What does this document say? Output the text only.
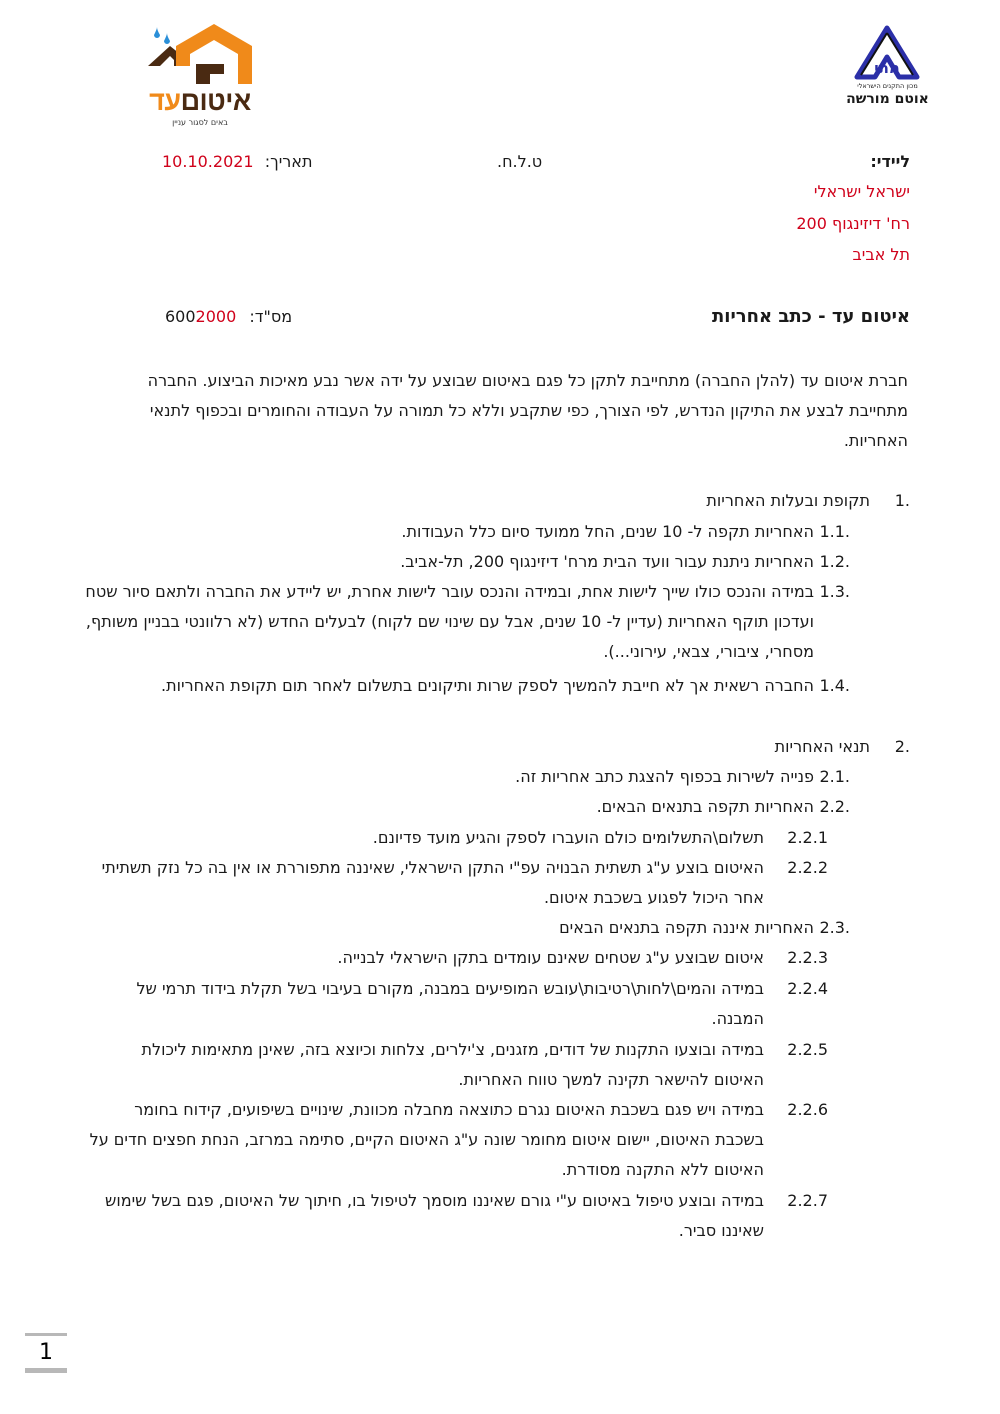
איטוםעד
באים לסגור עניין
מתי
מכון התקנים הישראלי
אוטם מורשה
ליידי:
ט.ל.ח.
10.10.2021 תאריך:
ישראל ישראלי
רח' דיזינגוף 200
תל אביב
איטום עד - כתב אחריות
6002000 מס"ד:
חברת איטום עד (להלן החברה) מתחייבת לתקן כל פגם באיטום שבוצע על ידה אשר נבע מאיכות הביצוע. החברה מתחייבת לבצע את התיקון הנדרש, לפי הצורך, כפי שתקבע וללא כל תמורה על העבודה והחומרים ובכפוף לתנאי האחריות.
1.
תקופת ובעלות האחריות
1.1.
האחריות תקפה ל- 10 שנים, החל ממועד סיום כלל העבודות.
1.2.
האחריות ניתנת עבור וועד הבית מרח' דיזינגוף 200, תל-אביב.
1.3.
במידה והנכס כולו שייך לישות אחת, ובמידה והנכס עובר לישות אחרת, יש ליידע את החברה ולתאם סיור שטח ועדכון תוקף האחריות (עדיין ל- 10 שנים, אבל עם שינוי שם לקוח) לבעלים החדש (לא רלוונטי בבניין משותף, מסחרי, ציבורי, צבאי, עירוני...).
1.4.
החברה רשאית אך לא חייבת להמשיך לספק שרות ותיקונים בתשלום לאחר תום תקופת האחריות.
2.
תנאי האחריות
2.1.
פנייה לשירות בכפוף להצגת כתב אחריות זה.
2.2.
האחריות תקפה בתנאים הבאים.
2.2.1
תשלום\התשלומים כולם הועברו לספק והגיע מועד פדיונם.
2.2.2
האיטום בוצע ע"ג תשתית הבנויה עפ"י התקן הישראלי, שאיננה מתפוררת או אין בה כל נזק תשתיתי אחר היכול לפגוע בשכבת איטום.
2.3.
האחריות איננה תקפה בתנאים הבאים
2.2.3
איטום שבוצע ע"ג שטחים שאינם עומדים בתקן הישראלי לבנייה.
2.2.4
במידה והמים\לחות\רטיבות\עובש המופיעים במבנה, מקורם בעיבוי בשל תקלת בידוד תרמי של המבנה.
2.2.5
במידה ובוצעו התקנות של דודים, מזגנים, צ'ילרים, צלחות וכיוצא בזה, שאינן מתאימות ליכולת האיטום להישאר תקינה למשך טווח האחריות.
2.2.6
במידה ויש פגם בשכבת האיטום נגרם כתוצאה מחבלה מכוונת, שינויים בשיפועים, קידוח בחומר בשכבת האיטום, יישום איטום מחומר שונה ע"ג האיטום הקיים, סתימה במרזב, הנחת חפצים חדים על האיטום ללא התקנה מסודרת.
2.2.7
במידה ובוצע טיפול באיטום ע"י גורם שאיננו מוסמך לטיפול בו, חיתוך של האיטום, פגם בשל שימוש שאיננו סביר.
1
